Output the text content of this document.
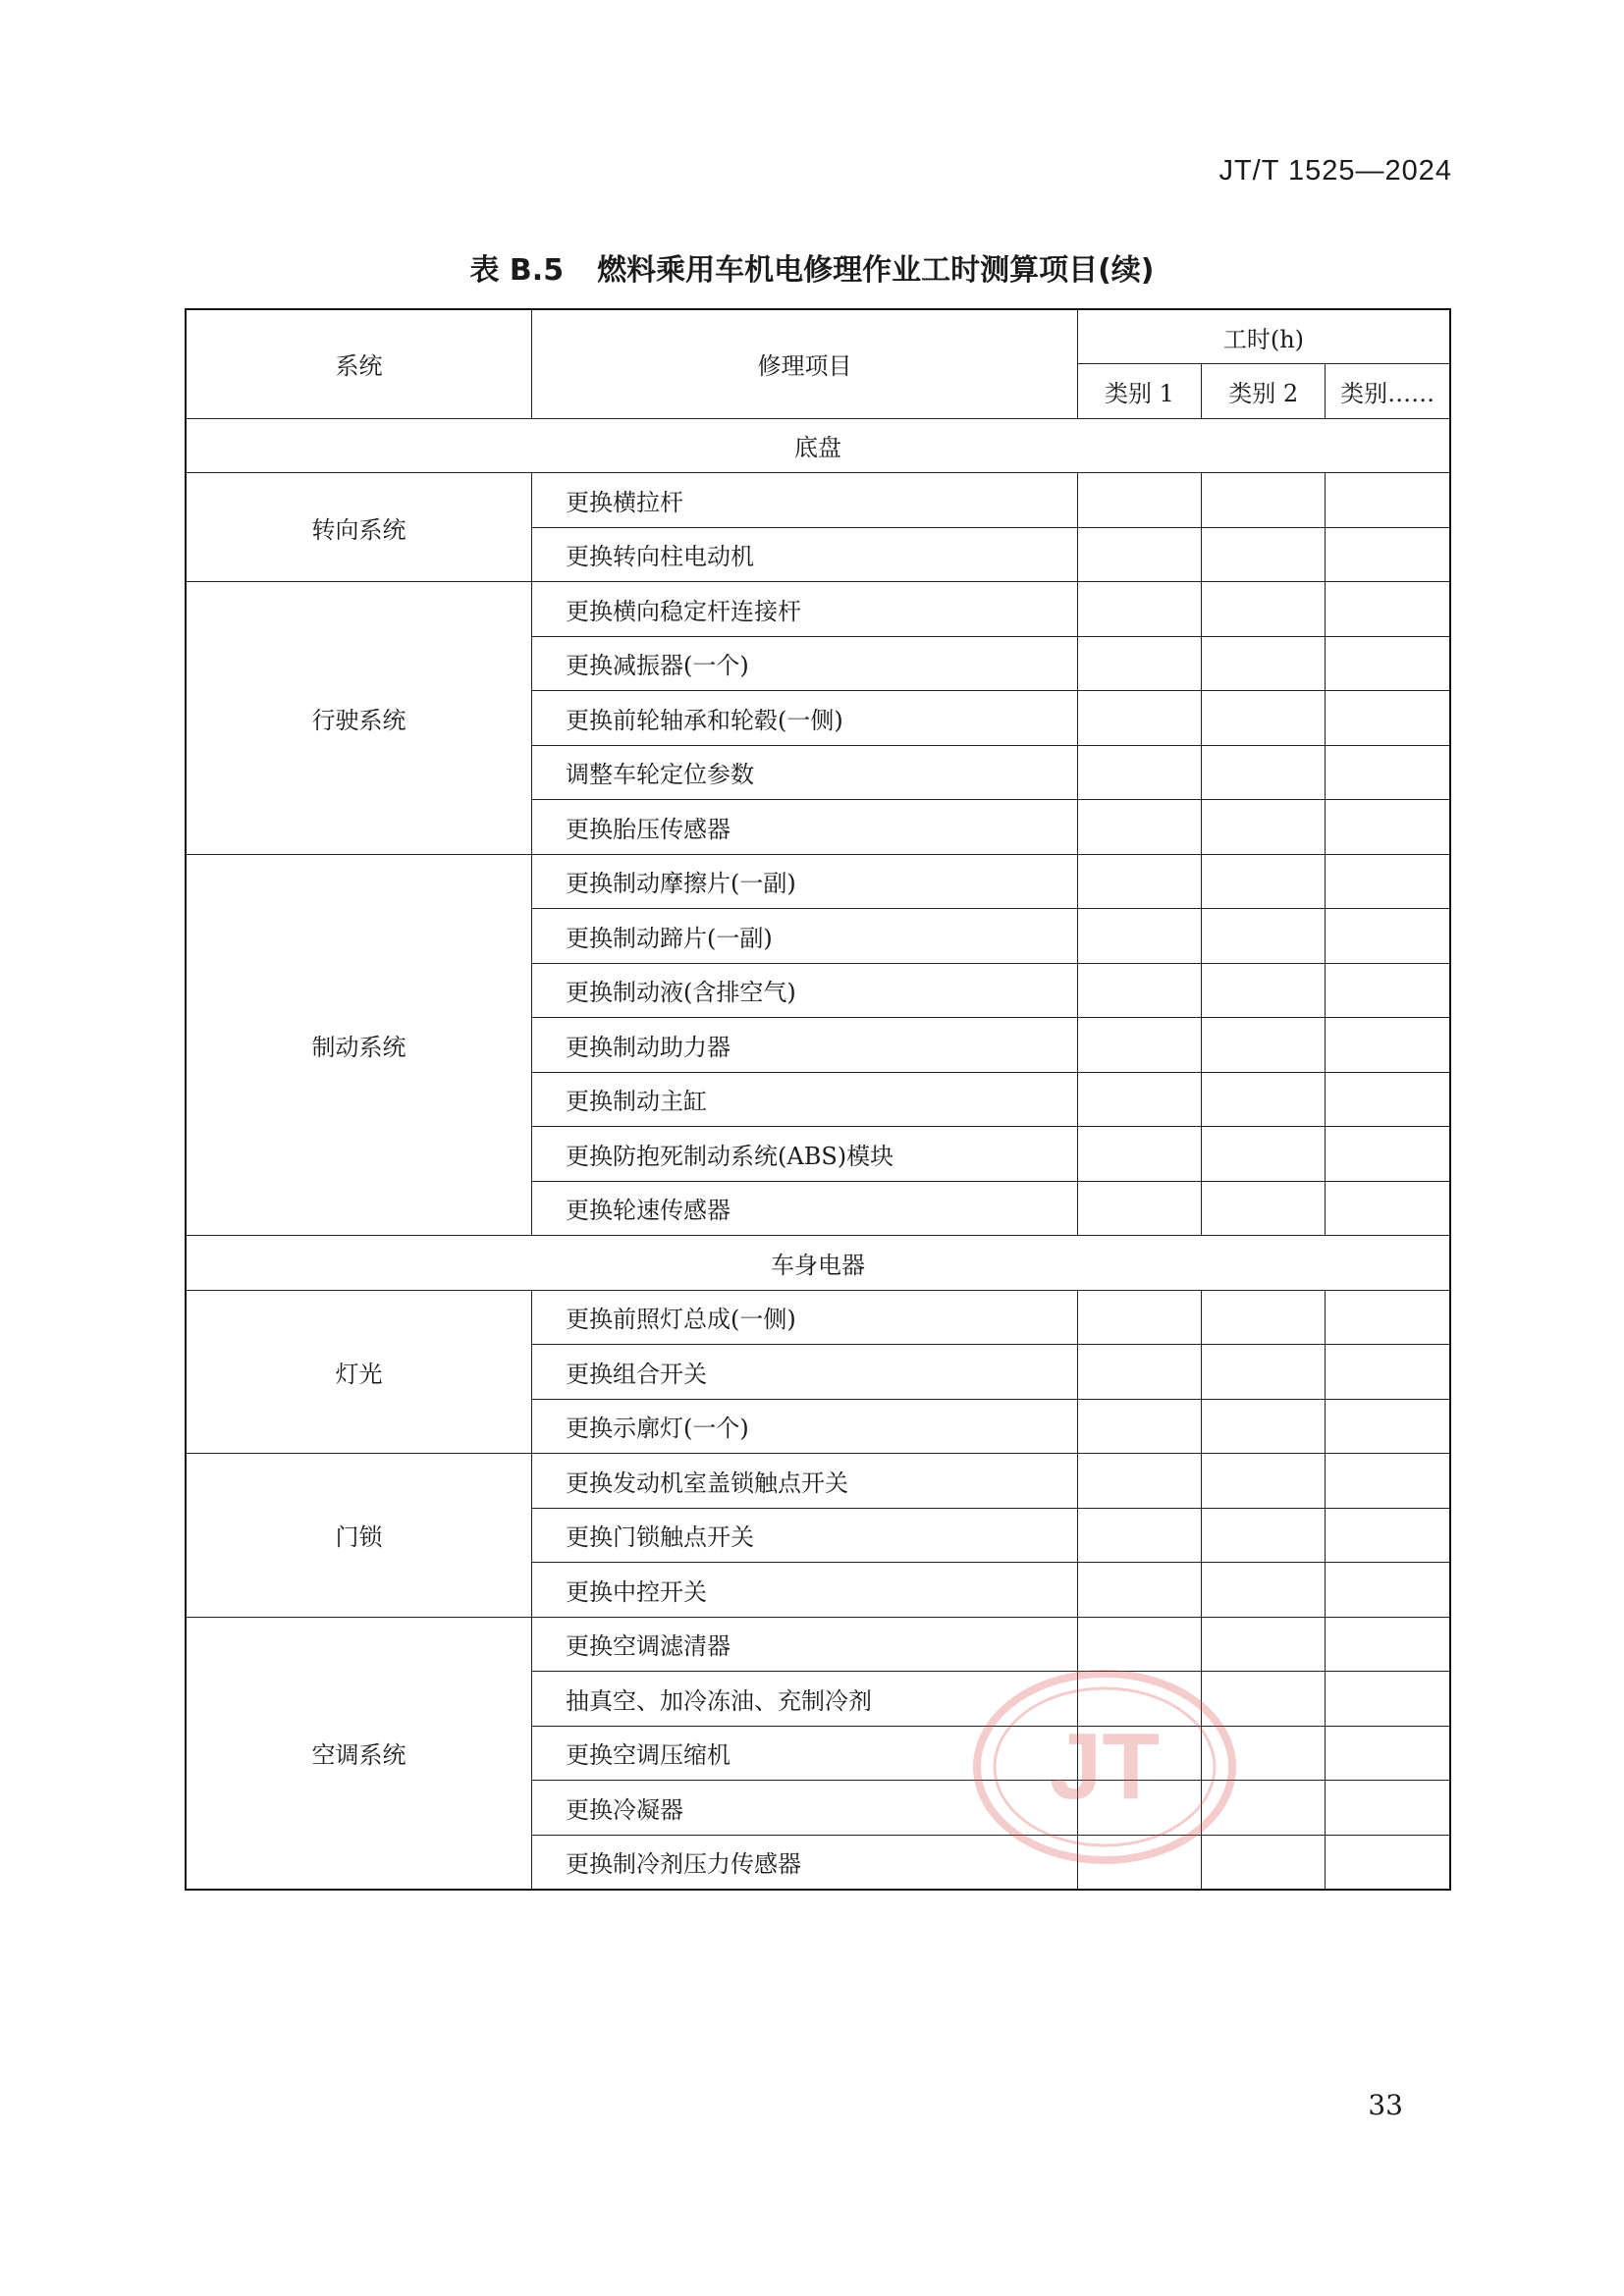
JT/T 1525—2024
表 B.5 燃料乘用车机电修理作业工时测算项目(续)
系统	修理项目	工时(h)		
		类别 1	类别 2	类别……
底盘				
转向系统	更换横拉杆			
	更换转向柱电动机			
行驶系统	更换横向稳定杆连接杆			
	更换减振器(一个)			
	更换前轮轴承和轮毂(一侧)			
	调整车轮定位参数			
	更换胎压传感器			
制动系统	更换制动摩擦片(一副)			
	更换制动蹄片(一副)			
	更换制动液(含排空气)			
	更换制动助力器			
	更换制动主缸			
	更换防抱死制动系统(ABS)模块			
	更换轮速传感器			
车身电器				
灯光	更换前照灯总成(一侧)			
	更换组合开关			
	更换示廓灯(一个)			
门锁	更换发动机室盖锁触点开关			
	更换门锁触点开关			
	更换中控开关			
空调系统	更换空调滤清器			
	抽真空、加冷冻油、充制冷剂			
	更换空调压缩机			
	更换冷凝器			
	更换制冷剂压力传感器			
JT
33
